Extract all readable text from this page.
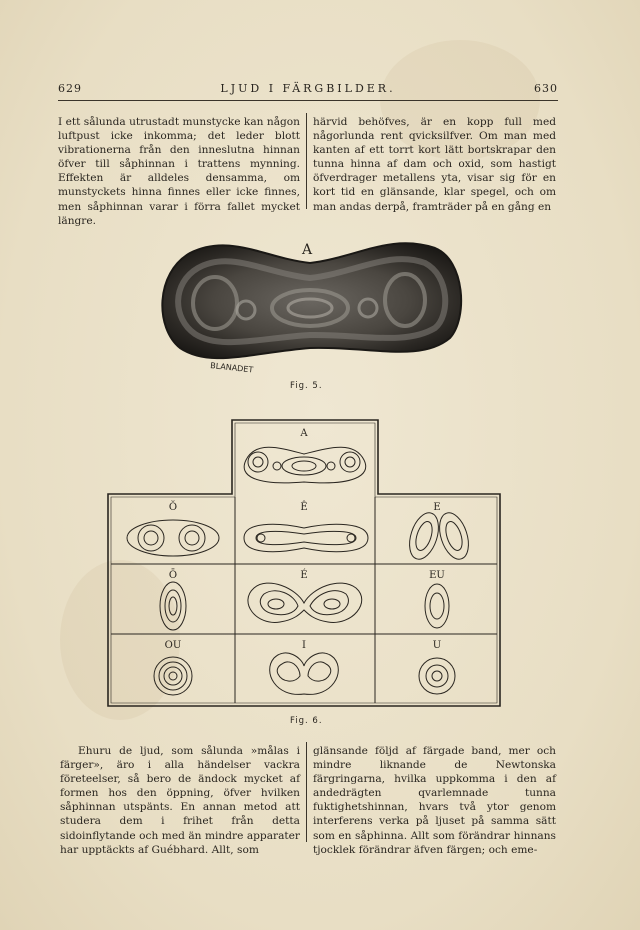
629	LJUD I FÄRGBILDER.	630

I ett sålunda utrustadt munstycke kan någon luftpust icke inkomma; det leder blott vibrationerna från den inneslutna hinnan öfver till såphinnan i trattens mynning. Effekten är alldeles densamma, om munstyckets hinna finnes eller icke finnes, men såphinnan varar i förra fallet mycket längre.

härvid behöfves, är en kopp full med någorlunda rent qvicksilfver. Om man med kanten af ett torrt kort lätt bortskrapar den tunna hinna af dam och oxid, som hastigt öfverdrager metallens yta, visar sig för en kort tid en glänsande, klar spegel, och om man andas derpå, framträder på en gång en

A
BLANADET
Fig. 5.
A
Ŏ	Ê	E
Ō	É	EU
OU	I	U
Fig. 6.

Ehuru de ljud, som sålunda »målas i färger», äro i alla händelser vackra företeelser, så bero de ändock mycket af formen hos den öppning, öfver hvilken såphinnan utspänts. En annan metod att studera dem i frihet från detta sidoinflytande och med än mindre apparater har upptäckts af Guébhard. Allt, som

glänsande följd af färgade band, mer och mindre liknande de Newtonska färgringarna, hvilka uppkomma i den af andedrägten qvarlemnade tunna fuktighetshinnan, hvars två ytor genom interferens verka på ljuset på samma sätt som en såphinna. Allt som förändrar hinnans tjocklek förändrar äfven färgen; och eme-
